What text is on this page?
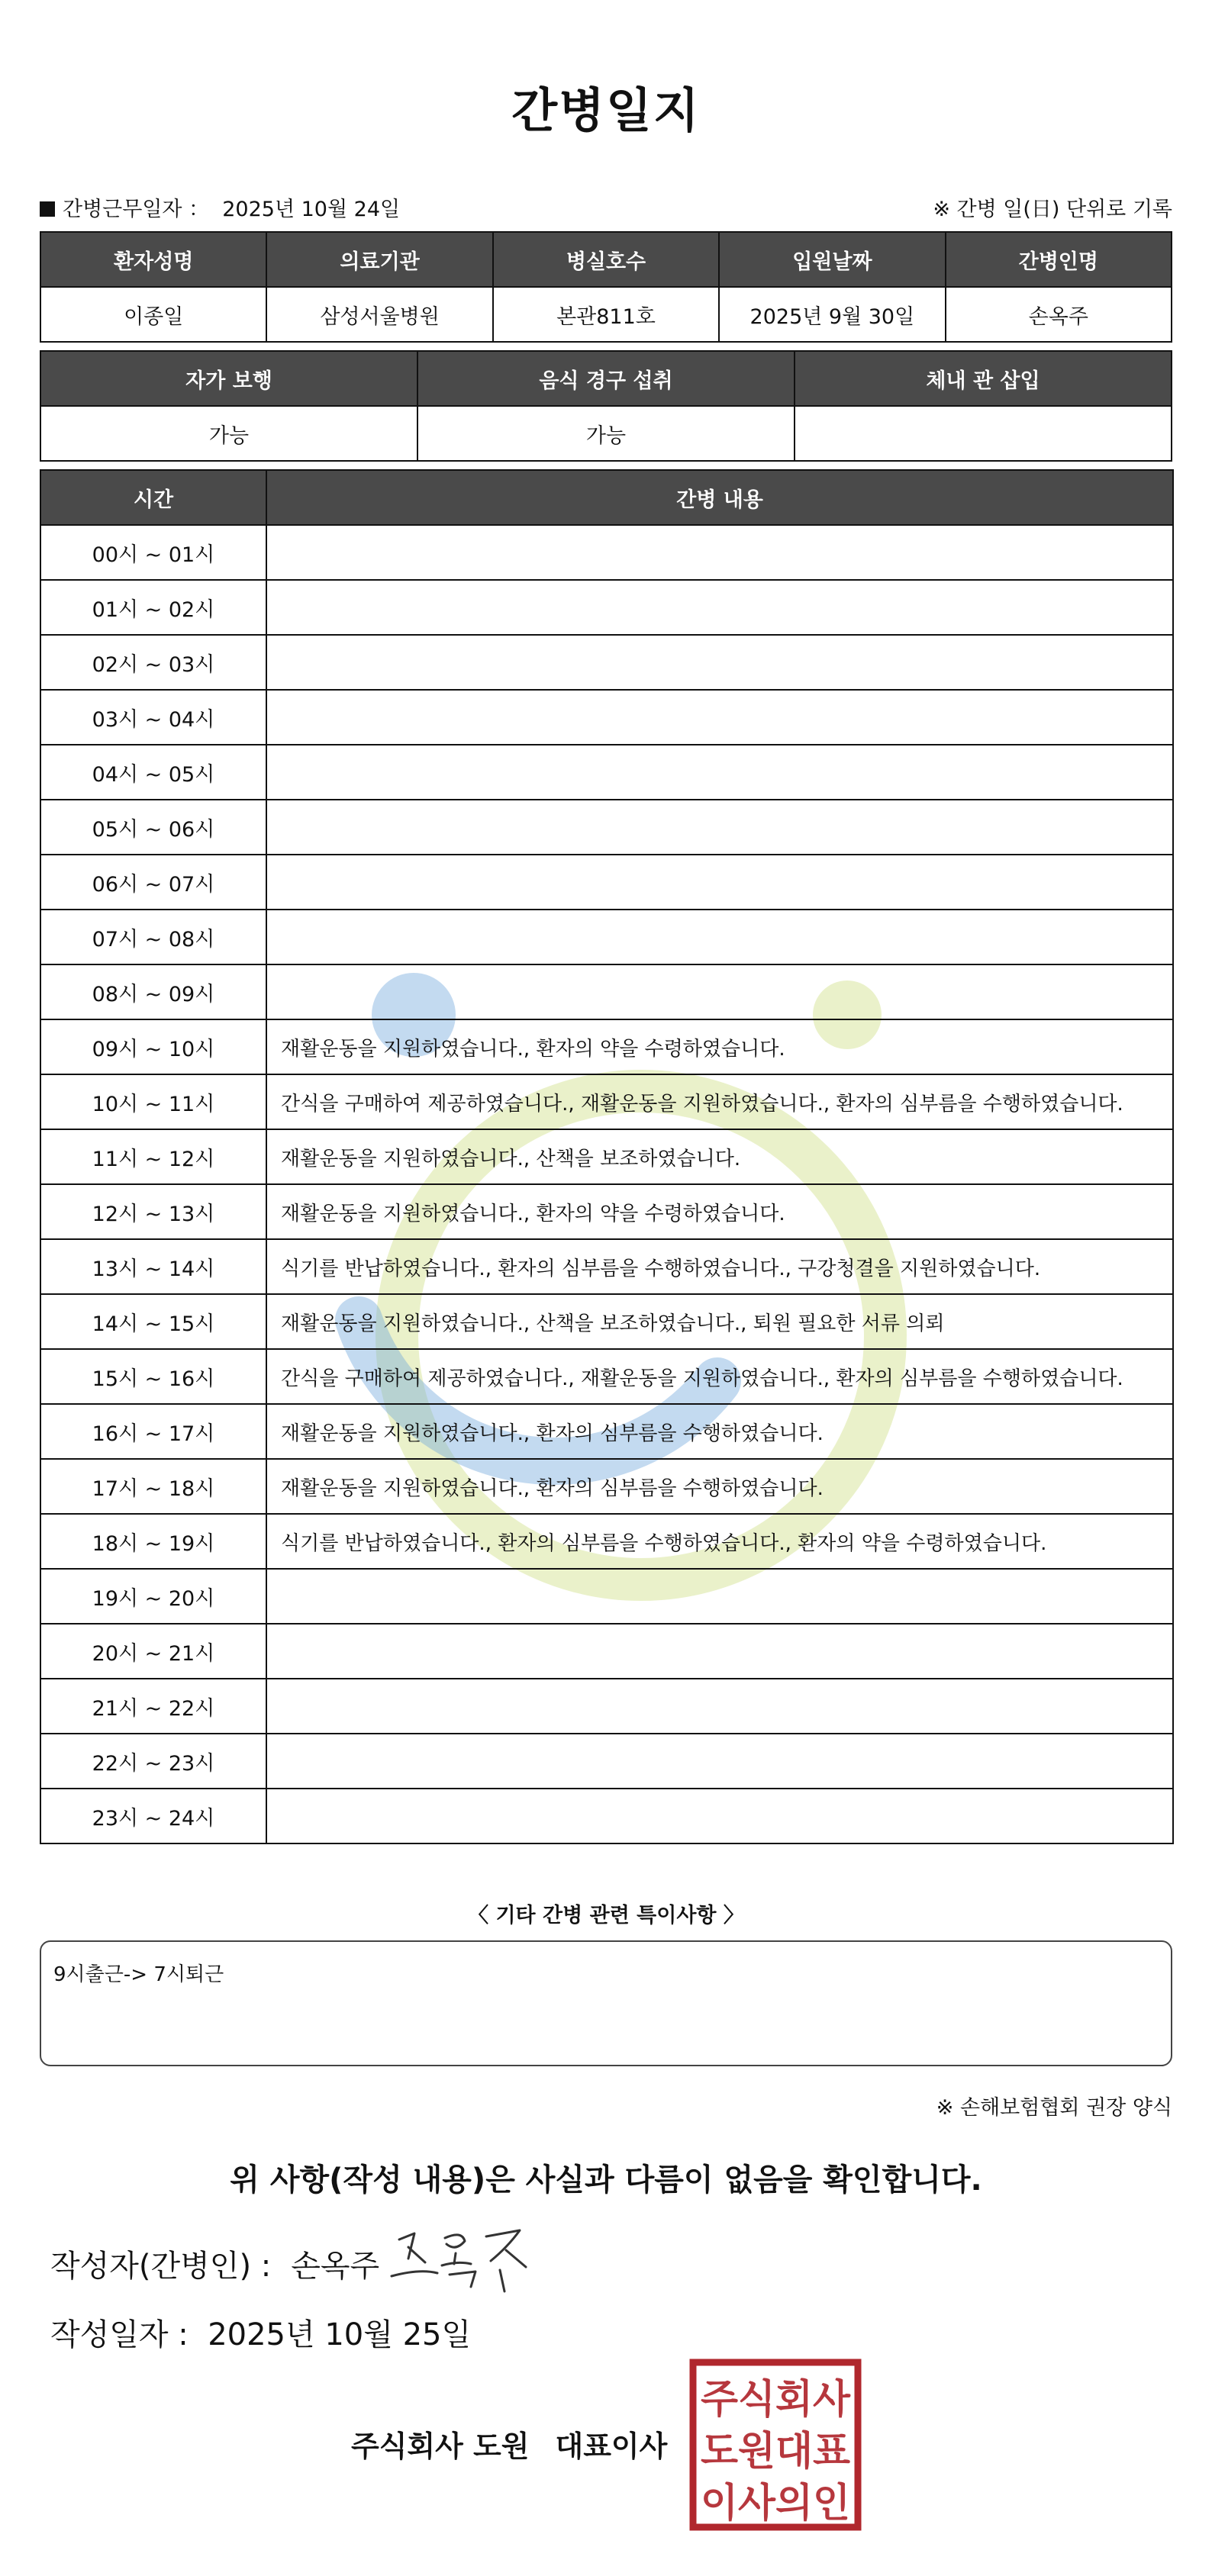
간병일지
간병근무일자 ： 2025년 10월 24일	※ 간병 일(日) 단위로 기록
환자성명	의료기관	병실호수	입원날짜	간병인명
이종일	삼성서울병원	본관811호	2025년 9월 30일	손옥주
자가 보행	음식 경구 섭취	체내 관 삽입
가능	가능	
시간	간병 내용
00시 ~ 01시	
01시 ~ 02시	
02시 ~ 03시	
03시 ~ 04시	
04시 ~ 05시	
05시 ~ 06시	
06시 ~ 07시	
07시 ~ 08시	
08시 ~ 09시	
09시 ~ 10시	재활운동을 지원하였습니다., 환자의 약을 수령하였습니다.
10시 ~ 11시	간식을 구매하여 제공하였습니다., 재활운동을 지원하였습니다., 환자의 심부름을 수행하였습니다.
11시 ~ 12시	재활운동을 지원하였습니다., 산책을 보조하였습니다.
12시 ~ 13시	재활운동을 지원하였습니다., 환자의 약을 수령하였습니다.
13시 ~ 14시	식기를 반납하였습니다., 환자의 심부름을 수행하였습니다., 구강청결을 지원하였습니다.
14시 ~ 15시	재활운동을 지원하였습니다., 산책을 보조하였습니다., 퇴원 필요한 서류 의뢰
15시 ~ 16시	간식을 구매하여 제공하였습니다., 재활운동을 지원하였습니다., 환자의 심부름을 수행하였습니다.
16시 ~ 17시	재활운동을 지원하였습니다., 환자의 심부름을 수행하였습니다.
17시 ~ 18시	재활운동을 지원하였습니다., 환자의 심부름을 수행하였습니다.
18시 ~ 19시	식기를 반납하였습니다., 환자의 심부름을 수행하였습니다., 환자의 약을 수령하였습니다.
19시 ~ 20시	
20시 ~ 21시	
21시 ~ 22시	
22시 ~ 23시	
23시 ~ 24시	
〈 기타 간병 관련 특이사항 〉
9시출근-> 7시퇴근
※ 손해보험협회 권장 양식
위 사항(작성 내용)은 사실과 다름이 없음을 확인합니다.
작성자(간병인) : 손옥주
작성일자 : 2025년 10월 25일
주식회사 도원 대표이사
주식회사
도원대표
이사의인
